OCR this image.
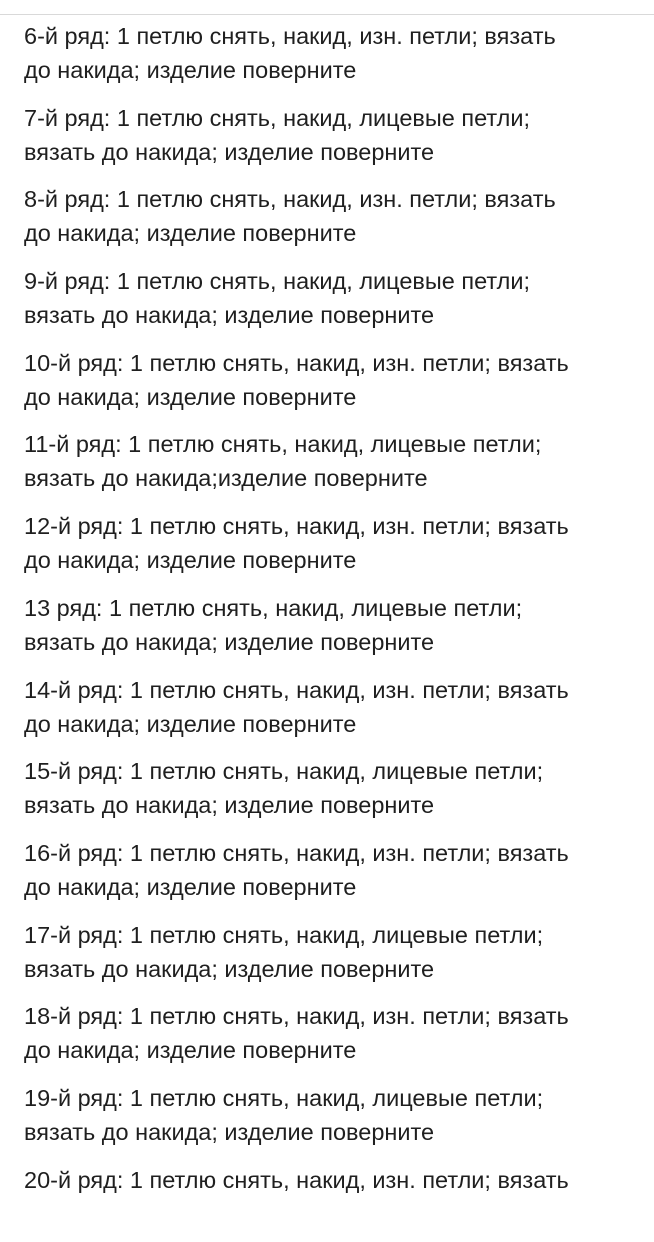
6-й ряд: 1 петлю снять, накид, изн. петли; вязать
до накида; изделие поверните

7-й ряд: 1 петлю снять, накид, лицевые петли;
вязать до накида; изделие поверните

8-й ряд: 1 петлю снять, накид, изн. петли; вязать
до накида; изделие поверните

9-й ряд: 1 петлю снять, накид, лицевые петли;
вязать до накида; изделие поверните

10-й ряд: 1 петлю снять, накид, изн. петли; вязать
до накида; изделие поверните

11-й ряд: 1 петлю снять, накид, лицевые петли;
вязать до накида;изделие поверните

12-й ряд: 1 петлю снять, накид, изн. петли; вязать
до накида; изделие поверните

13 ряд: 1 петлю снять, накид, лицевые петли;
вязать до накида; изделие поверните

14-й ряд: 1 петлю снять, накид, изн. петли; вязать
до накида; изделие поверните

15-й ряд: 1 петлю снять, накид, лицевые петли;
вязать до накида; изделие поверните

16-й ряд: 1 петлю снять, накид, изн. петли; вязать
до накида; изделие поверните

17-й ряд: 1 петлю снять, накид, лицевые петли;
вязать до накида; изделие поверните

18-й ряд: 1 петлю снять, накид, изн. петли; вязать
до накида; изделие поверните

19-й ряд: 1 петлю снять, накид, лицевые петли;
вязать до накида; изделие поверните

20-й ряд: 1 петлю снять, накид, изн. петли; вязать
